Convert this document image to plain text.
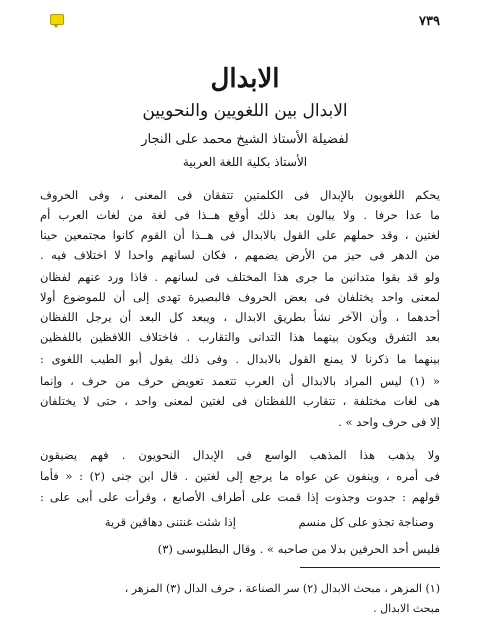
٧٣٩
الابدال
الابدال بين اللغويين والنحويين
لفضيلة الأستاذ الشيخ محمد على النجار
الأستاذ بكلية اللغة العربية
يحكم اللغويون بالإبدال فى الكلمتين تتفقان فى المعنى ، وفى الحروف
ما عدا حرفا . ولا يبالون بعد ذلك أوقع هــذا فى لغة من لغات العرب أم
لغتين ، وقد حملهم على القول بالابدال فى هــذا أن القوم كانوا مجتمعين حينا
من الدهر فى حيز من الأرض يضمهم ، فكان لسانهم واحدا لا اختلاف فيه .
ولو قد بقوا متدانين ما جرى هذا المختلف فى لسانهم . فاذا ورد عنهم لفظان
لمعنى واحد يختلفان فى بعض الحروف فالبصيرة تهدى إلى أن للموضوع أولا
أحدهما ، وأن الآخر نشأ بطريق الابدال ، ويبعد كل البعد أن يرجل اللفظان
بعد التفرق ويكون بينهما هذا التدانى والتقارب . فاختلاف اللافظين باللفظين
بينهما ما ذكرنا لا يمنع القول بالابدال . وفى ذلك يقول أبو الطيب اللغوى :
« (١) ليس المراد بالابدال أن العرب تتعمد تعويض حرف من حرف ، وإنما
هى لغات مختلفة ، تتقارب اللفظتان فى لغتين لمعنى واحد ، حتى لا يختلفان
إلا فى حرف واحد » .
ولا يذهب هذا المذهب الواسع فى الإبدال النحويون . فهم يضيقون
فى أمره ، وينفون عن عواه ما يرجع إلى لغتين . قال ابن جنى (٢) : « فأما
قولهم : جدوت وجذوت إذا قمت على أطراف الأصابع ، وقرأت على أبى على :
إذا شئت غنتنى دهاقين قرية	وصناجة تجذو على كل منسم
فليس أحد الحرفين بدلا من صاحبه » . وقال البطليوسى (٣)
(١) المزهر ، مبحث الابدال (٢) سر الصناعة ، حرف الدال (٣) المزهر ،
مبحث الابدال .
